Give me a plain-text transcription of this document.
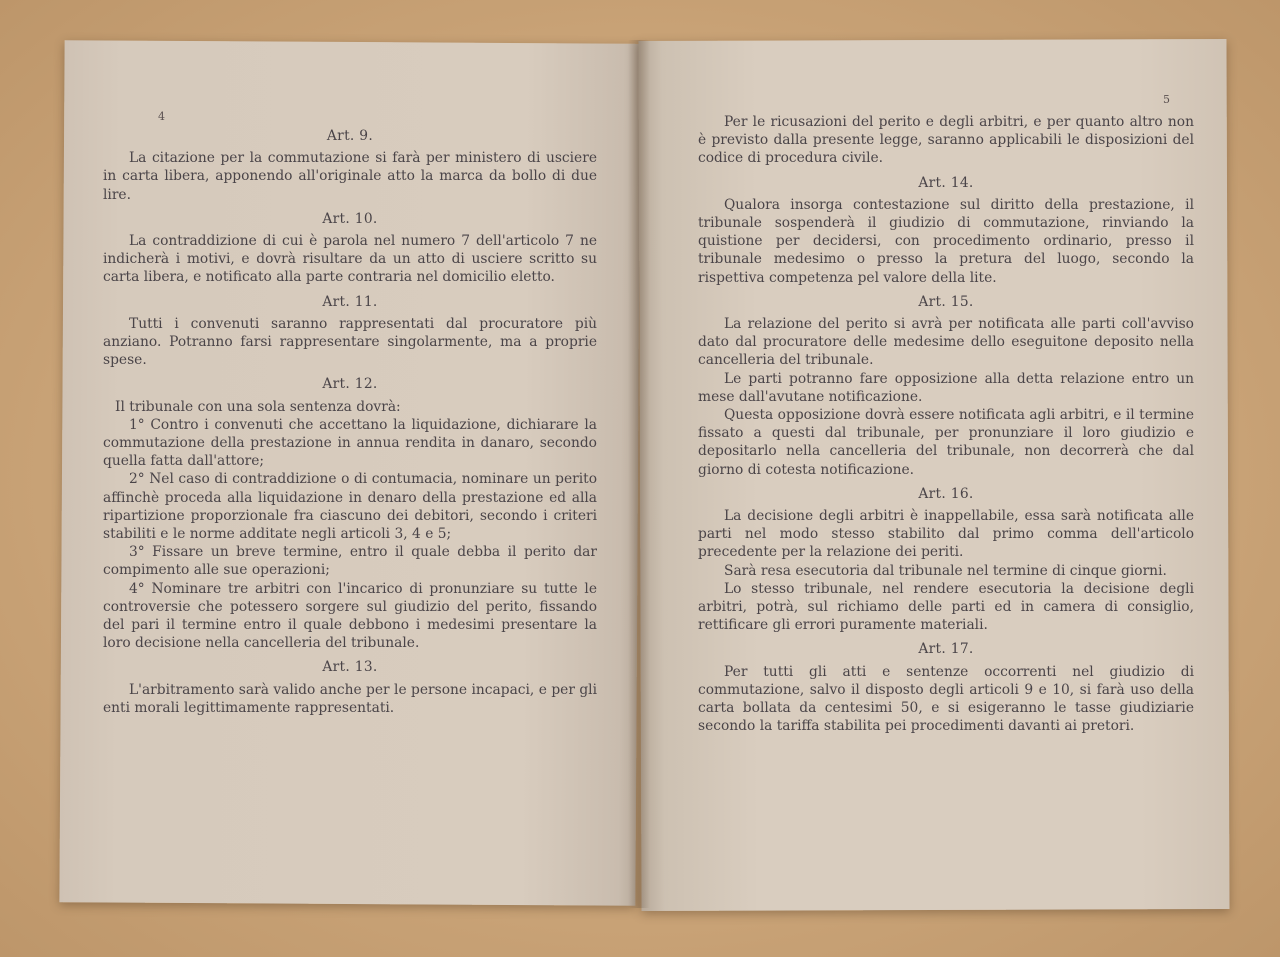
4
5
Art. 9.
La citazione per la commutazione si farà per ministero di usciere in carta libera, apponendo all'originale atto la marca da bollo di due lire.
Art. 10.
La contraddizione di cui è parola nel numero 7 dell'articolo 7 ne indicherà i motivi, e dovrà risultare da un atto di usciere scritto su carta libera, e notificato alla parte contraria nel domicilio eletto.
Art. 11.
Tutti i convenuti saranno rappresentati dal procuratore più anziano. Potranno farsi rappresentare singolarmente, ma a proprie spese.
Art. 12.
Il tribunale con una sola sentenza dovrà:
1° Contro i convenuti che accettano la liquidazione, dichiarare la commutazione della prestazione in annua rendita in danaro, secondo quella fatta dall'attore;
2° Nel caso di contraddizione o di contumacia, nominare un perito affinchè proceda alla liquidazione in denaro della prestazione ed alla ripartizione proporzionale fra ciascuno dei debitori, secondo i criteri stabiliti e le norme additate negli articoli 3, 4 e 5;
3° Fissare un breve termine, entro il quale debba il perito dar compimento alle sue operazioni;
4° Nominare tre arbitri con l'incarico di pronunziare su tutte le controversie che potessero sorgere sul giudizio del perito, fissando del pari il termine entro il quale debbono i medesimi presentare la loro decisione nella cancelleria del tribunale.
Art. 13.
L'arbitramento sarà valido anche per le persone incapaci, e per gli enti morali legittimamente rappresentati.
Per le ricusazioni del perito e degli arbitri, e per quanto altro non è previsto dalla presente legge, saranno applicabili le disposizioni del codice di procedura civile.
Art. 14.
Qualora insorga contestazione sul diritto della prestazione, il tribunale sospenderà il giudizio di commutazione, rinviando la quistione per decidersi, con procedimento ordinario, presso il tribunale medesimo o presso la pretura del luogo, secondo la rispettiva competenza pel valore della lite.
Art. 15.
La relazione del perito si avrà per notificata alle parti coll'avviso dato dal procuratore delle medesime dello eseguitone deposito nella cancelleria del tribunale.
Le parti potranno fare opposizione alla detta relazione entro un mese dall'avutane notificazione.
Questa opposizione dovrà essere notificata agli arbitri, e il termine fissato a questi dal tribunale, per pronunziare il loro giudizio e depositarlo nella cancelleria del tribunale, non decorrerà che dal giorno di cotesta notificazione.
Art. 16.
La decisione degli arbitri è inappellabile, essa sarà notificata alle parti nel modo stesso stabilito dal primo comma dell'articolo precedente per la relazione dei periti.
Sarà resa esecutoria dal tribunale nel termine di cinque giorni.
Lo stesso tribunale, nel rendere esecutoria la decisione degli arbitri, potrà, sul richiamo delle parti ed in camera di consiglio, rettificare gli errori puramente materiali.
Art. 17.
Per tutti gli atti e sentenze occorrenti nel giudizio di commutazione, salvo il disposto degli articoli 9 e 10, si farà uso della carta bollata da centesimi 50, e si esigeranno le tasse giudiziarie secondo la tariffa stabilita pei procedimenti davanti ai pretori.
